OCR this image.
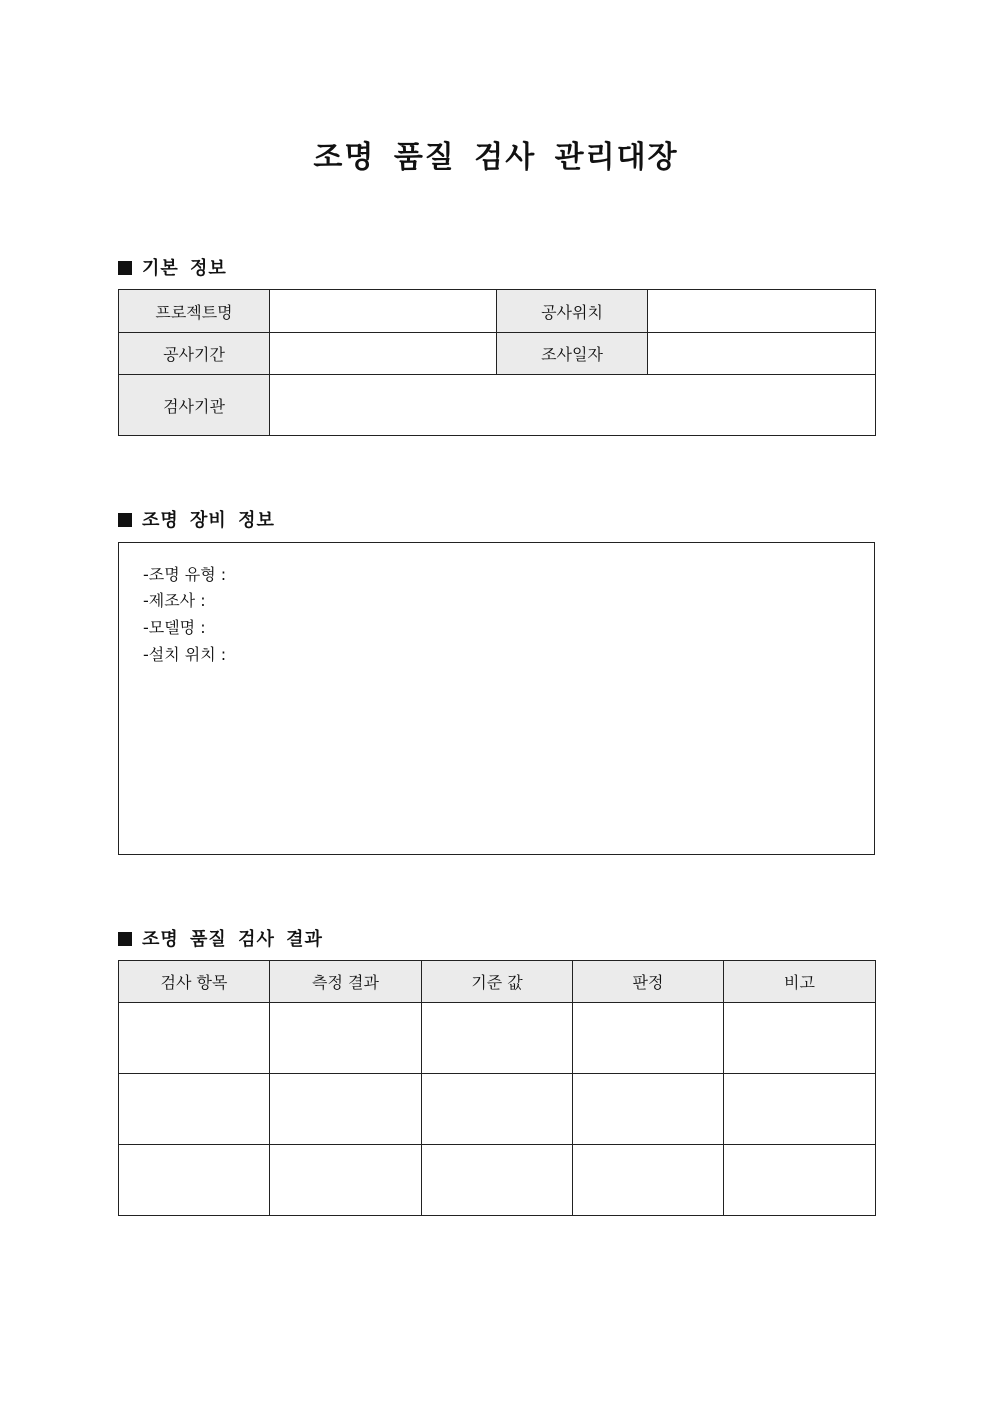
조명 품질 검사 관리대장
기본 정보
프로젝트명		공사위치	
공사기간		조사일자	
검사기관			
조명 장비 정보
-조명 유형 :
-제조사 :
-모델명 :
-설치 위치 :
조명 품질 검사 결과
검사 항목	측정 결과	기준 값	판정	비고
